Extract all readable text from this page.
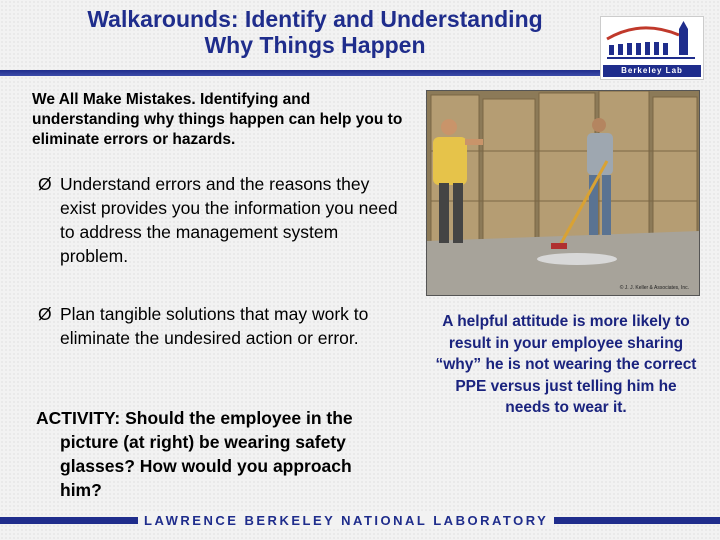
Walkarounds: Identify and Understanding
Why Things Happen
Berkeley Lab
We All Make Mistakes. Identifying and understanding why things happen can help you to eliminate errors or hazards.
Ø Understand errors and the reasons they exist provides you the information you need to address the management system problem.
Ø Plan tangible solutions that may work to eliminate the undesired action or error.
ACTIVITY: Should the employee in the picture (at right) be wearing safety glasses? How would you approach him?
© J. J. Keller & Associates, Inc.
A helpful attitude is more likely to result in your employee sharing “why” he is not wearing the correct PPE versus just telling him he needs to wear it.
LAWRENCE BERKELEY NATIONAL LABORATORY
